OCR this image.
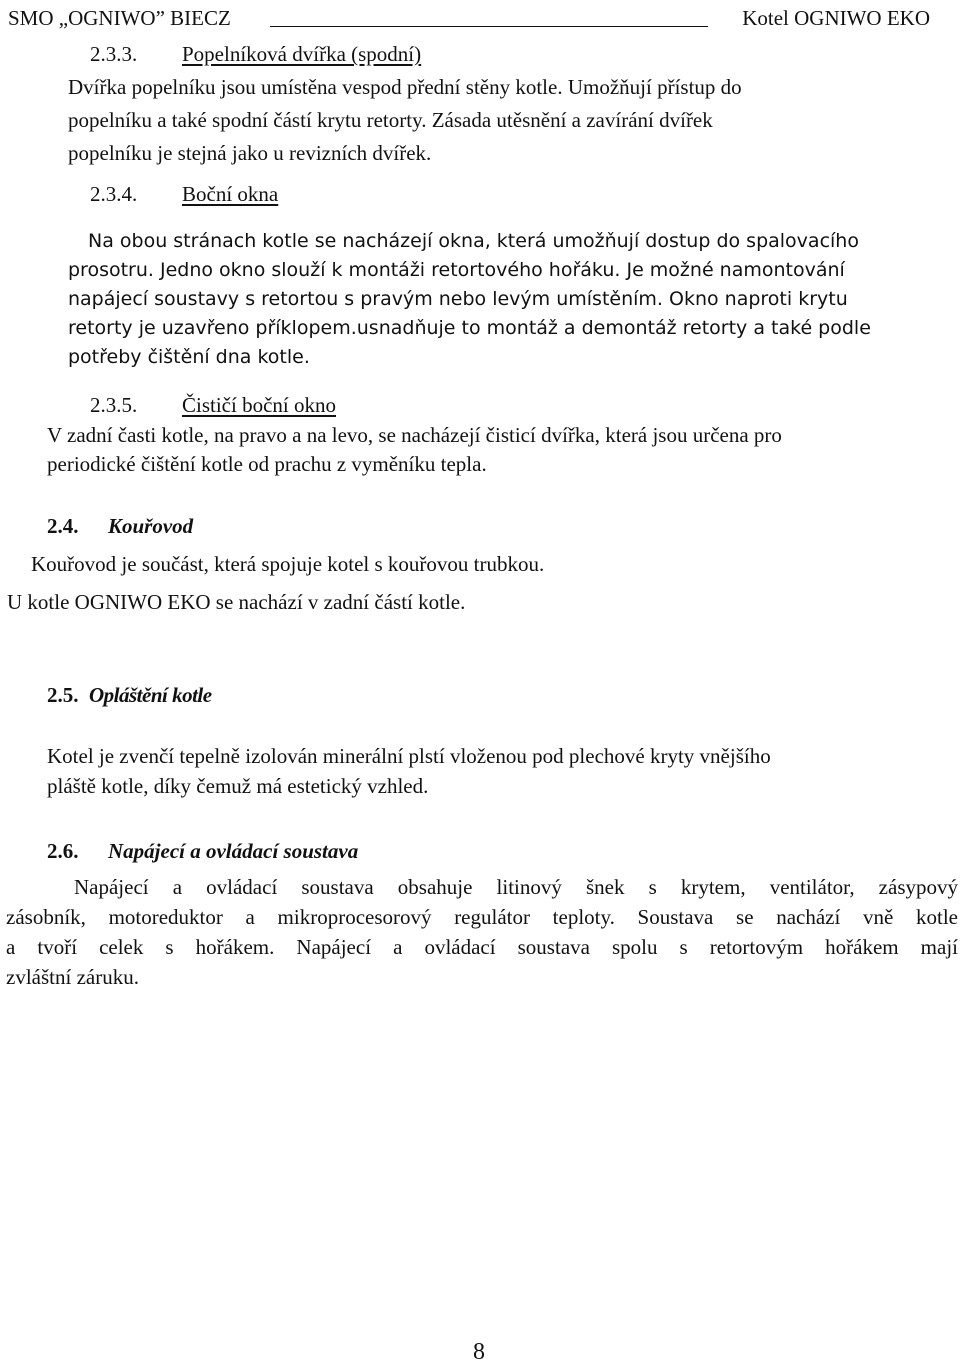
SMO „OGNIWO” BIECZ	Kotel OGNIWO EKO
2.3.3. Popelníková dvířka (spodní)
Dvířka popelníku jsou umístěna vespod přední stěny kotle. Umožňují přístup do
popelníku a také spodní částí krytu retorty. Zásada utěsnění a zavírání dvířek
popelníku je stejná jako u revizních dvířek.
2.3.4. Boční okna
Na obou stránach kotle se nacházejí okna, která umožňují dostup do spalovacího
prosotru. Jedno okno slouží k montáži retortového hořáku. Je možné namontování
napájecí soustavy s retortou s pravým nebo levým umístěním. Okno naproti krytu
retorty je uzavřeno příklopem.usnadňuje to montáž a demontáž retorty a také podle
potřeby čištění dna kotle.
2.3.5. Čističí boční okno
V zadní časti kotle, na pravo a na levo, se nacházejí čisticí dvířka, která jsou určena pro
periodické čištění kotle od prachu z vyměníku tepla.
2.4. Kouřovod
Kouřovod je součást, která spojuje kotel s kouřovou trubkou.
U kotle OGNIWO EKO se nachází v zadní částí kotle.
2.5. Opláštění kotle
Kotel je zvenčí tepelně izolován minerální plstí vloženou pod plechové kryty vnějšího
pláště kotle, díky čemuž má estetický vzhled.
2.6. Napájecí a ovládací soustava
Napájecí a ovládací soustava obsahuje litinový šnek s krytem, ventilátor, zásypový
zásobník, motoreduktor a mikroprocesorový regulátor teploty. Soustava se nachází vně kotle
a tvoří celek s hořákem. Napájecí a ovládací soustava spolu s retortovým hořákem mají
zvláštní záruku.
8
